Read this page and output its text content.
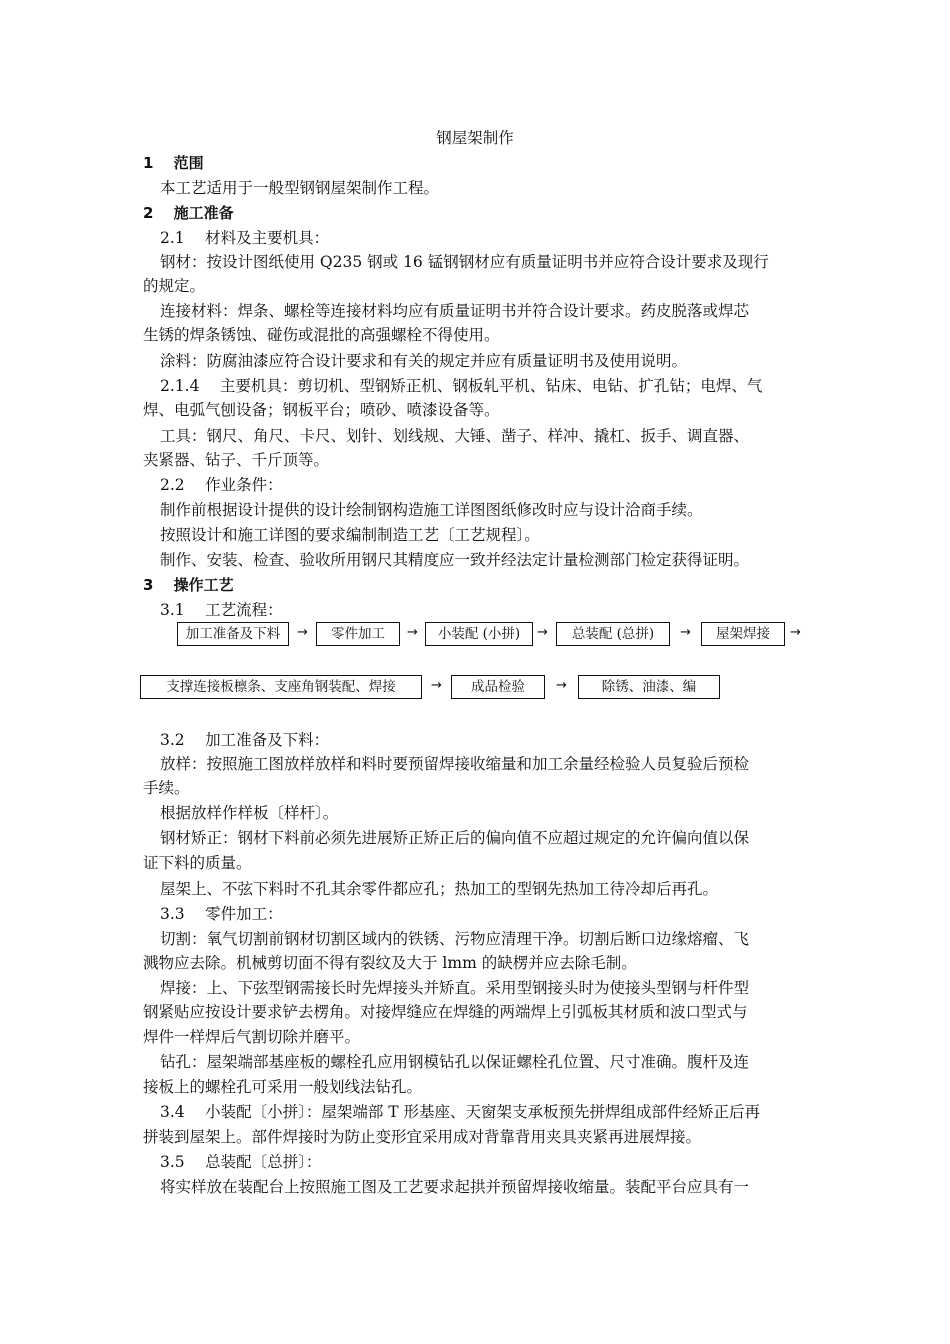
钢屋架制作
1　 范围
本工艺适用于一般型钢钢屋架制作工程。
2　 施工准备
2.1　 材料及主要机具：
钢材：按设计图纸使用 Q235 钢或 16 锰钢钢材应有质量证明书并应符合设计要求及现行
的规定。
连接材料：焊条、螺栓等连接材料均应有质量证明书并符合设计要求。药皮脱落或焊芯
生锈的焊条锈蚀、碰伤或混批的高强螺栓不得使用。
涂料：防腐油漆应符合设计要求和有关的规定并应有质量证明书及使用说明。
2.1.4　 主要机具：剪切机、型钢矫正机、钢板轧平机、钻床、电钻、扩孔钻；电焊、气
焊、电弧气刨设备；钢板平台；喷砂、喷漆设备等。
工具：钢尺、角尺、卡尺、划针、划线规、大锤、凿子、样冲、撬杠、扳手、调直器、
夹紧器、钻子、千斤顶等。
2.2　 作业条件：
制作前根据设计提供的设计绘制钢构造施工详图图纸修改时应与设计洽商手续。
按照设计和施工详图的要求编制制造工艺〔工艺规程〕。
制作、安装、检查、验收所用钢尺其精度应一致并经法定计量检测部门检定获得证明。
3　 操作工艺
3.1　 工艺流程：
加工准备及下料	→	零件加工	→	小装配 (小拼)	→	总装配 (总拼)	→	屋架焊接	→
支撑连接板檩条、支座角钢装配、焊接	→	成品检验	→	除锈、油漆、编
3.2　 加工准备及下料：
放样：按照施工图放样放样和料时要预留焊接收缩量和加工余量经检验人员复验后预检
手续。
根据放样作样板〔样杆〕。
钢材矫正：钢材下料前必须先进展矫正矫正后的偏向值不应超过规定的允许偏向值以保
证下料的质量。
屋架上、不弦下料时不孔其余零件都应孔；热加工的型钢先热加工待冷却后再孔。
3.3　 零件加工：
切割：氧气切割前钢材切割区域内的铁锈、污物应清理干净。切割后断口边缘熔瘤、飞
溅物应去除。机械剪切面不得有裂纹及大于 lmm 的缺楞并应去除毛制。
焊接：上、下弦型钢需接长时先焊接头并矫直。采用型钢接头时为使接头型钢与杆件型
钢紧贴应按设计要求铲去楞角。对接焊缝应在焊缝的两端焊上引弧板其材质和波口型式与
焊件一样焊后气割切除并磨平。
钻孔：屋架端部基座板的螺栓孔应用钢模钻孔以保证螺栓孔位置、尺寸准确。腹杆及连
接板上的螺栓孔可采用一般划线法钻孔。
3.4　 小装配〔小拼〕：屋架端部 T 形基座、天窗架支承板预先拼焊组成部件经矫正后再
拼装到屋架上。部件焊接时为防止变形宜采用成对背靠背用夹具夹紧再进展焊接。
3.5　 总装配〔总拼〕：
将实样放在装配台上按照施工图及工艺要求起拱并预留焊接收缩量。装配平台应具有一
